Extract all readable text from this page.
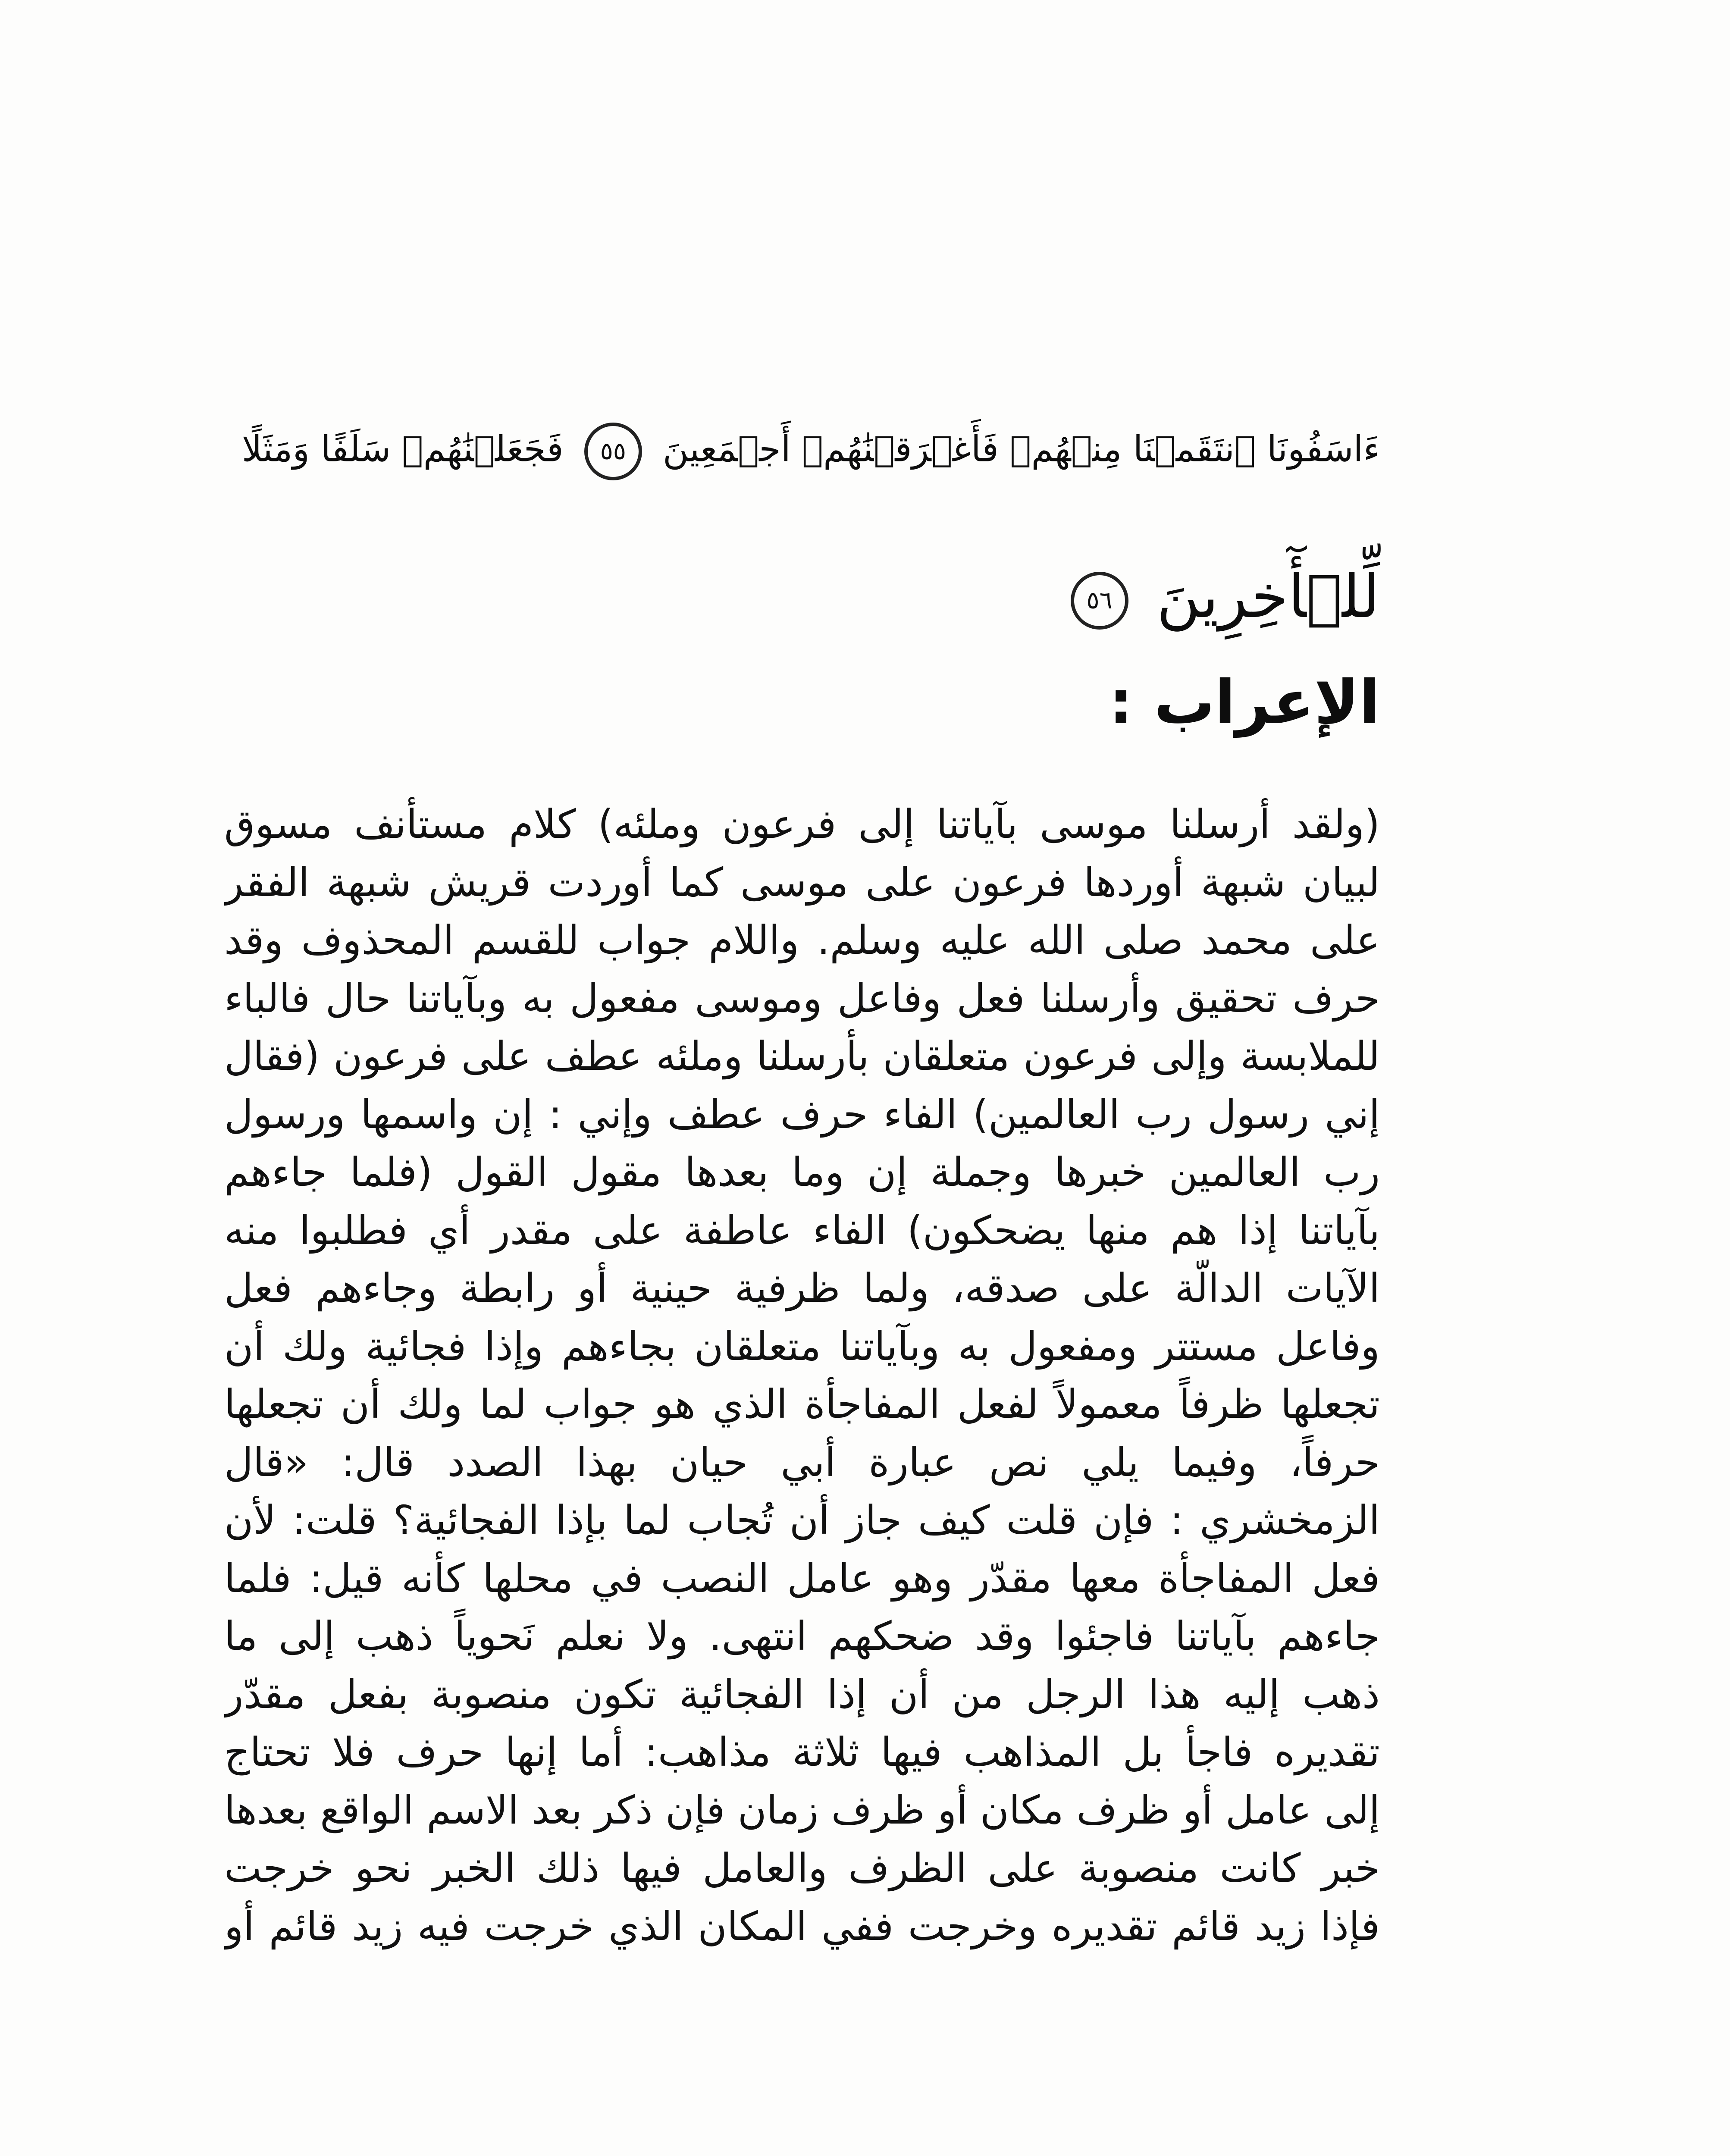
ءَاسَفُونَا ٱنتَقَمۡنَا مِنۡهُمۡ فَأَغۡرَقۡنَٰهُمۡ أَجۡمَعِينَ ٥٥ فَجَعَلۡنَٰهُمۡ سَلَفًا وَمَثَلًا
لِّلۡأٓخِرِينَ ٥٦
الإعراب :
(ولقد أرسلنا موسى بآياتنا إلى فرعون وملئه) كلام مستأنف مسوق
لبيان شبهة أوردها فرعون على موسى كما أوردت قريش شبهة الفقر
على محمد صلى الله عليه وسلم. واللام جواب للقسم المحذوف وقد
حرف تحقيق وأرسلنا فعل وفاعل وموسى مفعول به وبآياتنا حال فالباء
للملابسة وإلى فرعون متعلقان بأرسلنا وملئه عطف على فرعون (فقال
إني رسول رب العالمين) الفاء حرف عطف وإني : إن واسمها ورسول
رب العالمين خبرها وجملة إن وما بعدها مقول القول (فلما جاءهم
بآياتنا إذا هم منها يضحكون) الفاء عاطفة على مقدر أي فطلبوا منه
الآيات الدالّة على صدقه، ولما ظرفية حينية أو رابطة وجاءهم فعل
وفاعل مستتر ومفعول به وبآياتنا متعلقان بجاءهم وإذا فجائية ولك أن
تجعلها ظرفاً معمولاً لفعل المفاجأة الذي هو جواب لما ولك أن تجعلها
حرفاً، وفيما يلي نص عبارة أبي حيان بهذا الصدد قال: «قال
الزمخشري : فإن قلت كيف جاز أن تُجاب لما بإذا الفجائية؟ قلت: لأن
فعل المفاجأة معها مقدّر وهو عامل النصب في محلها كأنه قيل: فلما
جاءهم بآياتنا فاجئوا وقد ضحكهم انتهى. ولا نعلم نَحوياً ذهب إلى ما
ذهب إليه هذا الرجل من أن إذا الفجائية تكون منصوبة بفعل مقدّر
تقديره فاجأ بل المذاهب فيها ثلاثة مذاهب: أما إنها حرف فلا تحتاج
إلى عامل أو ظرف مكان أو ظرف زمان فإن ذكر بعد الاسم الواقع بعدها
خبر كانت منصوبة على الظرف والعامل فيها ذلك الخبر نحو خرجت
فإذا زيد قائم تقديره وخرجت ففي المكان الذي خرجت فيه زيد قائم أو
